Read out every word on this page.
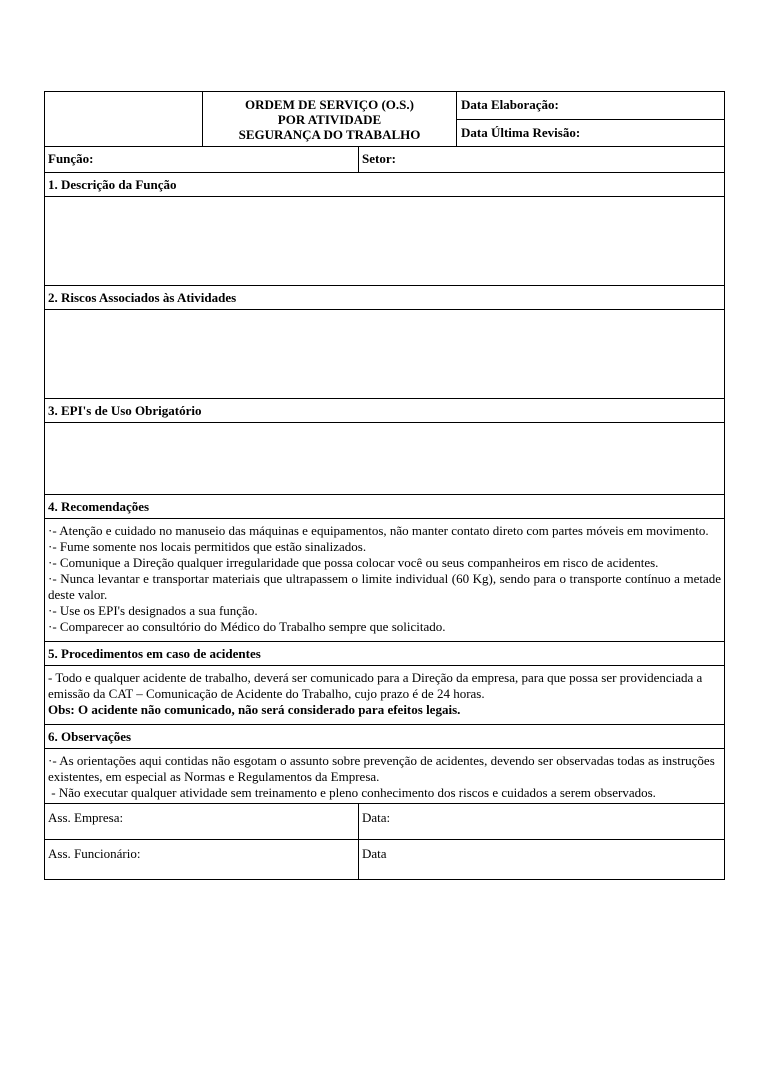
ORDEM DE SERVIÇO (O.S.)
POR ATIVIDADE
SEGURANÇA DO TRABALHO
Data Elaboração:
Data Última Revisão:
Função:	Setor:
1. Descrição da Função
2. Riscos Associados às Atividades
3. EPI's de Uso Obrigatório
4. Recomendações

·- Atenção e cuidado no manuseio das máquinas e equipamentos, não manter contato direto com partes móveis em movimento.

·- Fume somente nos locais permitidos que estão sinalizados.

·- Comunique a Direção qualquer irregularidade que possa colocar você ou seus companheiros em risco de acidentes.

·- Nunca levantar e transportar materiais que ultrapassem o limite individual (60 Kg), sendo para o transporte contínuo a metade deste valor.

·- Use os EPI's designados a sua função.

·- Comparecer ao consultório do Médico do Trabalho sempre que solicitado.

5. Procedimentos em caso de acidentes

- Todo e qualquer acidente de trabalho, deverá ser comunicado para a Direção da empresa, para que possa ser providenciada a emissão da CAT – Comunicação de Acidente do Trabalho, cujo prazo é de 24 horas.

Obs: O acidente não comunicado, não será considerado para efeitos legais.

6. Observações

·- As orientações aqui contidas não esgotam o assunto sobre prevenção de acidentes, devendo ser observadas todas as instruções existentes, em especial as Normas e Regulamentos da Empresa.

- Não executar qualquer atividade sem treinamento e pleno conhecimento dos riscos e cuidados a serem observados.

Ass. Empresa:	Data:
Ass. Funcionário:	Data
